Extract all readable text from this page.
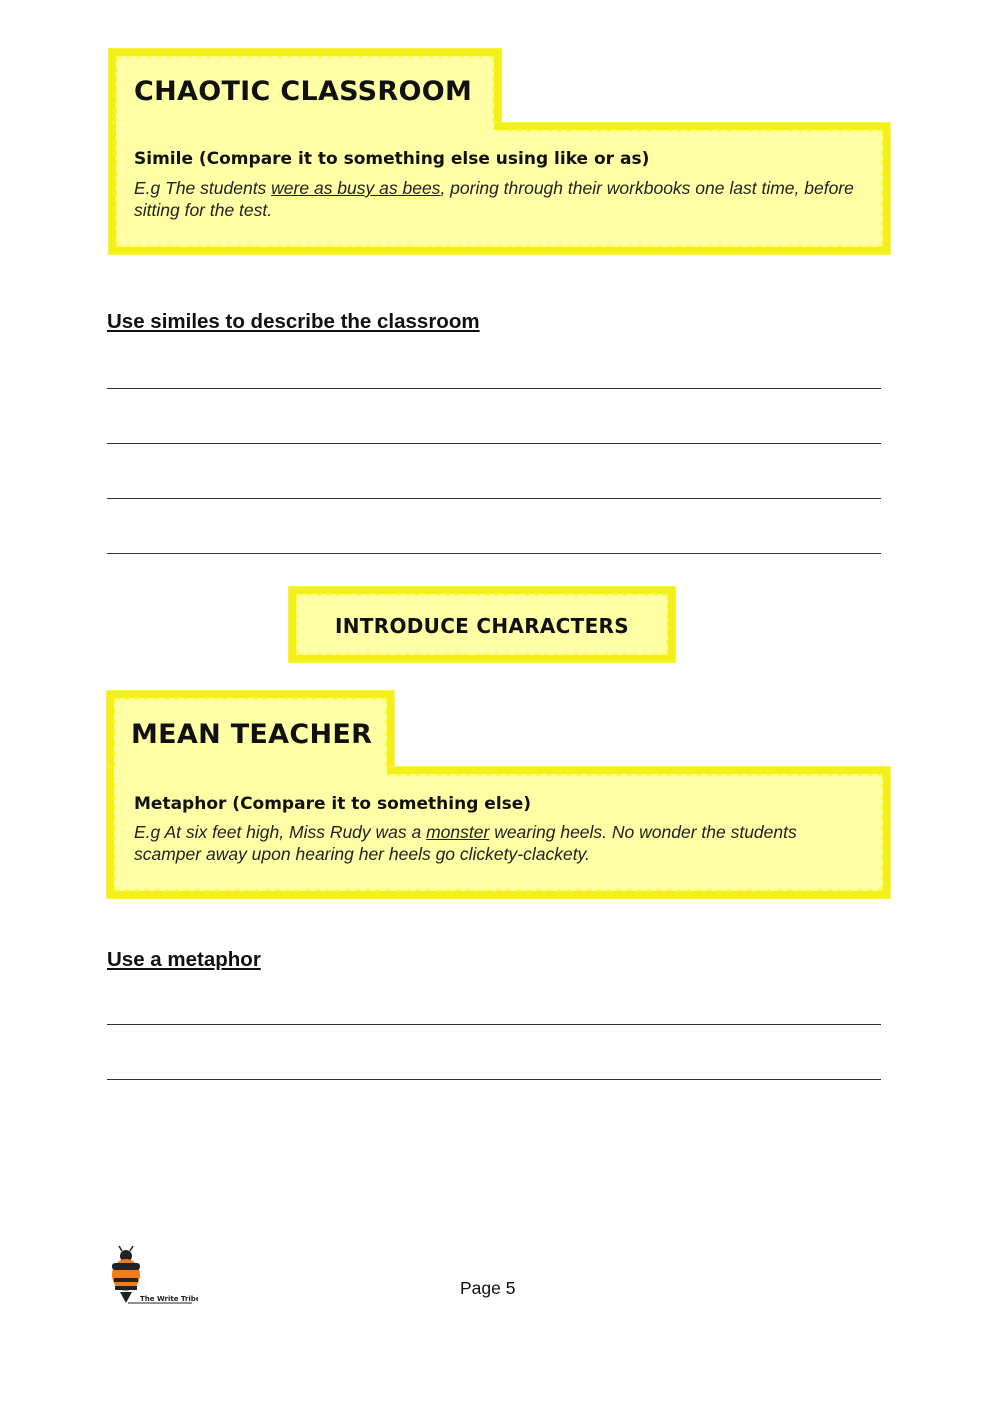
CHAOTIC CLASSROOM
Simile (Compare it to something else using like or as)
E.g The students were as busy as bees, poring through their workbooks one last time, before sitting for the test.
Use similes to describe the classroom
INTRODUCE CHARACTERS
MEAN TEACHER
Metaphor (Compare it to something else)
E.g At six feet high, Miss Rudy was a monster wearing heels. No wonder the students scamper away upon hearing her heels go clickety-clackety.
Use a metaphor
The Write Tribe
Page 5
